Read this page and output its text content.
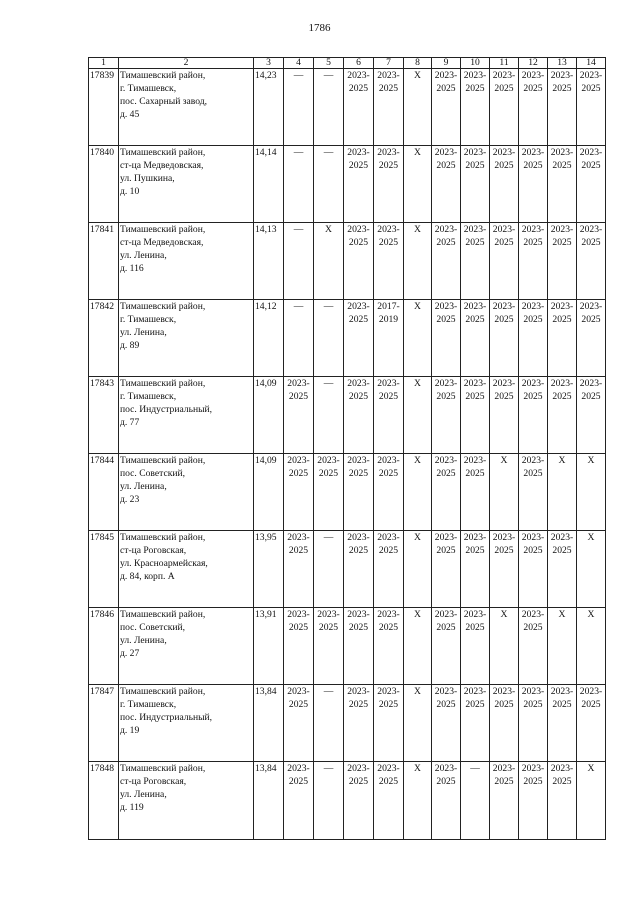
1786
1	2	3	4	5	6	7	8	9	10	11	12	13	14
17839	Тимашевский район,
г. Тимашевск,
пос. Сахарный завод,
д. 45	14,23	—	—	2023-
2025	2023-
2025	X	2023-
2025	2023-
2025	2023-
2025	2023-
2025	2023-
2025	2023-
2025
17840	Тимашевский район,
ст-ца Медведовская,
ул. Пушкина,
д. 10	14,14	—	—	2023-
2025	2023-
2025	X	2023-
2025	2023-
2025	2023-
2025	2023-
2025	2023-
2025	2023-
2025
17841	Тимашевский район,
ст-ца Медведовская,
ул. Ленина,
д. 116	14,13	—	X	2023-
2025	2023-
2025	X	2023-
2025	2023-
2025	2023-
2025	2023-
2025	2023-
2025	2023-
2025
17842	Тимашевский район,
г. Тимашевск,
ул. Ленина,
д. 89	14,12	—	—	2023-
2025	2017-
2019	X	2023-
2025	2023-
2025	2023-
2025	2023-
2025	2023-
2025	2023-
2025
17843	Тимашевский район,
г. Тимашевск,
пос. Индустриальный,
д. 77	14,09	2023-
2025	—	2023-
2025	2023-
2025	X	2023-
2025	2023-
2025	2023-
2025	2023-
2025	2023-
2025	2023-
2025
17844	Тимашевский район,
пос. Советский,
ул. Ленина,
д. 23	14,09	2023-
2025	2023-
2025	2023-
2025	2023-
2025	X	2023-
2025	2023-
2025	X	2023-
2025	X	X
17845	Тимашевский район,
ст-ца Роговская,
ул. Красноармейская,
д. 84, корп. А	13,95	2023-
2025	—	2023-
2025	2023-
2025	X	2023-
2025	2023-
2025	2023-
2025	2023-
2025	2023-
2025	X
17846	Тимашевский район,
пос. Советский,
ул. Ленина,
д. 27	13,91	2023-
2025	2023-
2025	2023-
2025	2023-
2025	X	2023-
2025	2023-
2025	X	2023-
2025	X	X
17847	Тимашевский район,
г. Тимашевск,
пос. Индустриальный,
д. 19	13,84	2023-
2025	—	2023-
2025	2023-
2025	X	2023-
2025	2023-
2025	2023-
2025	2023-
2025	2023-
2025	2023-
2025
17848	Тимашевский район,
ст-ца Роговская,
ул. Ленина,
д. 119	13,84	2023-
2025	—	2023-
2025	2023-
2025	X	2023-
2025	—	2023-
2025	2023-
2025	2023-
2025	X
